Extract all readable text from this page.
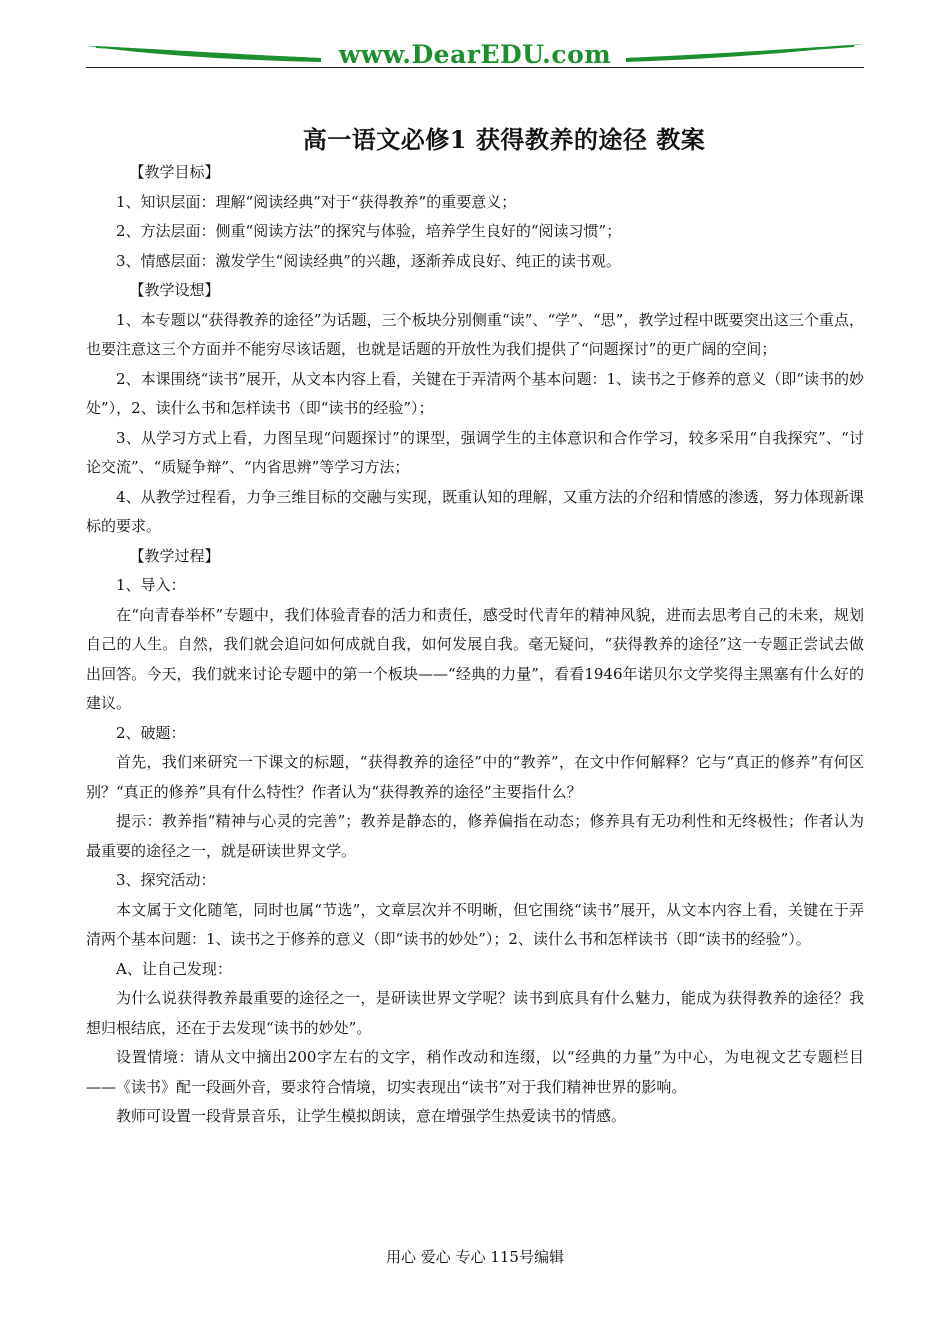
www.DearEDU.com
高一语文必修1 获得教养的途径 教案

【教学目标】

1、知识层面：理解“阅读经典”对于“获得教养”的重要意义；

2、方法层面：侧重“阅读方法”的探究与体验，培养学生良好的“阅读习惯”；

3、情感层面：激发学生“阅读经典”的兴趣，逐渐养成良好、纯正的读书观。

【教学设想】

1、本专题以“获得教养的途径”为话题，三个板块分别侧重“读”、“学”、“思”，教学过程中既要突出这三个重点，也要注意这三个方面并不能穷尽该话题，也就是话题的开放性为我们提供了“问题探讨”的更广阔的空间；

2、本课围绕“读书”展开，从文本内容上看，关键在于弄清两个基本问题：1、读书之于修养的意义（即“读书的妙处”），2、读什么书和怎样读书（即“读书的经验”）；

3、从学习方式上看，力图呈现“问题探讨”的课型，强调学生的主体意识和合作学习，较多采用“自我探究”、“讨论交流”、“质疑争辩”、“内省思辨”等学习方法；

4、从教学过程看，力争三维目标的交融与实现，既重认知的理解，又重方法的介绍和情感的渗透，努力体现新课标的要求。

【教学过程】

1、导入：

在“向青春举杯”专题中，我们体验青春的活力和责任，感受时代青年的精神风貌，进而去思考自己的未来，规划自己的人生。自然，我们就会追问如何成就自我，如何发展自我。毫无疑问，“获得教养的途径”这一专题正尝试去做出回答。今天，我们就来讨论专题中的第一个板块——“经典的力量”，看看1946年诺贝尔文学奖得主黑塞有什么好的建议。

2、破题：

首先，我们来研究一下课文的标题，“获得教养的途径”中的“教养”，在文中作何解释？它与“真正的修养”有何区别？“真正的修养”具有什么特性？作者认为“获得教养的途径”主要指什么？

提示：教养指“精神与心灵的完善”；教养是静态的，修养偏指在动态；修养具有无功利性和无终极性；作者认为最重要的途径之一，就是研读世界文学。

3、探究活动：

本文属于文化随笔，同时也属“节选”，文章层次并不明晰，但它围绕“读书”展开，从文本内容上看，关键在于弄清两个基本问题：1、读书之于修养的意义（即“读书的妙处”）；2、读什么书和怎样读书（即“读书的经验”）。

A、让自己发现：

为什么说获得教养最重要的途径之一，是研读世界文学呢？读书到底具有什么魅力，能成为获得教养的途径？我想归根结底，还在于去发现“读书的妙处”。

设置情境：请从文中摘出200字左右的文字，稍作改动和连缀，以“经典的力量”为中心，为电视文艺专题栏目——《读书》配一段画外音，要求符合情境，切实表现出“读书”对于我们精神世界的影响。

教师可设置一段背景音乐，让学生模拟朗读，意在增强学生热爱读书的情感。

用心 爱心 专心 115号编辑
